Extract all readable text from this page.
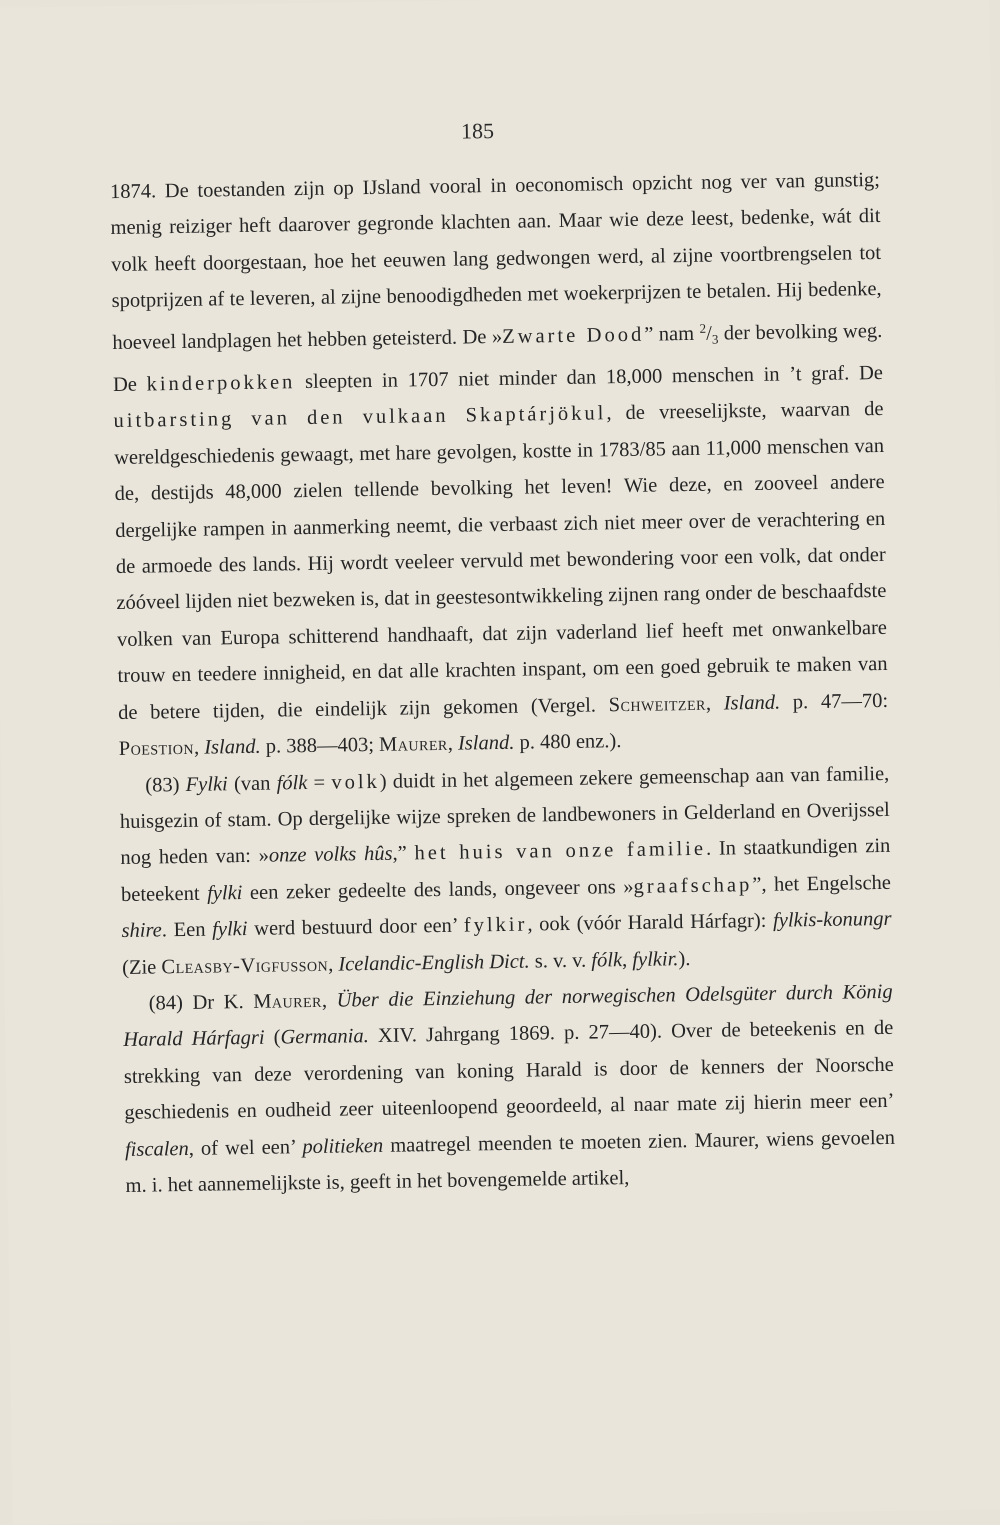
185

1874. De toestanden zijn op IJsland vooral in oeconomisch opzicht nog ver van gunstig; menig reiziger heft daarover gegronde klachten aan. Maar wie deze leest, bedenke, wát dit volk heeft doorgestaan, hoe het eeuwen lang gedwongen werd, al zijne voortbrengselen tot spotprijzen af te leveren, al zijne benoodigdheden met woekerprijzen te betalen. Hij bedenke, hoeveel landplagen het hebben geteisterd. De »Zwarte Dood” nam $^2/_3$ der bevolking weg. De kinderpokken sleepten in 1707 niet minder dan 18,000 menschen in ’t graf. De uitbarsting van den vulkaan Skaptárjökul, de vreeselijkste, waarvan de wereldgeschiedenis gewaagt, met hare gevolgen, kostte in 1783/85 aan 11,000 menschen van de, destijds 48,000 zielen tellende bevolking het leven! Wie deze, en zooveel andere dergelijke rampen in aanmerking neemt, die verbaast zich niet meer over de verachtering en de armoede des lands. Hij wordt veeleer vervuld met bewondering voor een volk, dat onder zóóveel lijden niet bezweken is, dat in geestesontwikkeling zijnen rang onder de beschaafdste volken van Europa schitterend handhaaft, dat zijn vaderland lief heeft met onwankelbare trouw en teedere innigheid, en dat alle krachten inspant, om een goed gebruik te maken van de betere tijden, die eindelijk zijn gekomen (Vergel. Schweitzer, Island. p. 47—70: Poestion, Island. p. 388—403; Maurer, Island. p. 480 enz.).

(83) Fylki (van fólk = volk) duidt in het algemeen zekere gemeenschap aan van familie, huisgezin of stam. Op dergelijke wijze spreken de landbewoners in Gelderland en Overijssel nog heden van: »onze volks hûs,” het huis van onze familie. In staatkundigen zin beteekent fylki een zeker gedeelte des lands, ongeveer ons »graafschap”, het Engelsche shire. Een fylki werd bestuurd door een’ fylkir, ook (vóór Harald Hárfagr): fylkis-konungr (Zie Cleasby-Vigfusson, Icelandic-English Dict. s. v. v. fólk, fylkir.).

(84) Dr K. Maurer, Über die Einziehung der norwegischen Odelsgüter durch König Harald Hárfagri (Germania. XIV. Jahrgang 1869. p. 27—40). Over de beteekenis en de strekking van deze verordening van koning Harald is door de kenners der Noorsche geschiedenis en oudheid zeer uiteenloopend geoordeeld, al naar mate zij hierin meer een’ fiscalen, of wel een’ politieken maatregel meenden te moeten zien. Maurer, wiens gevoelen m. i. het aannemelijkste is, geeft in het bovengemelde artikel,
